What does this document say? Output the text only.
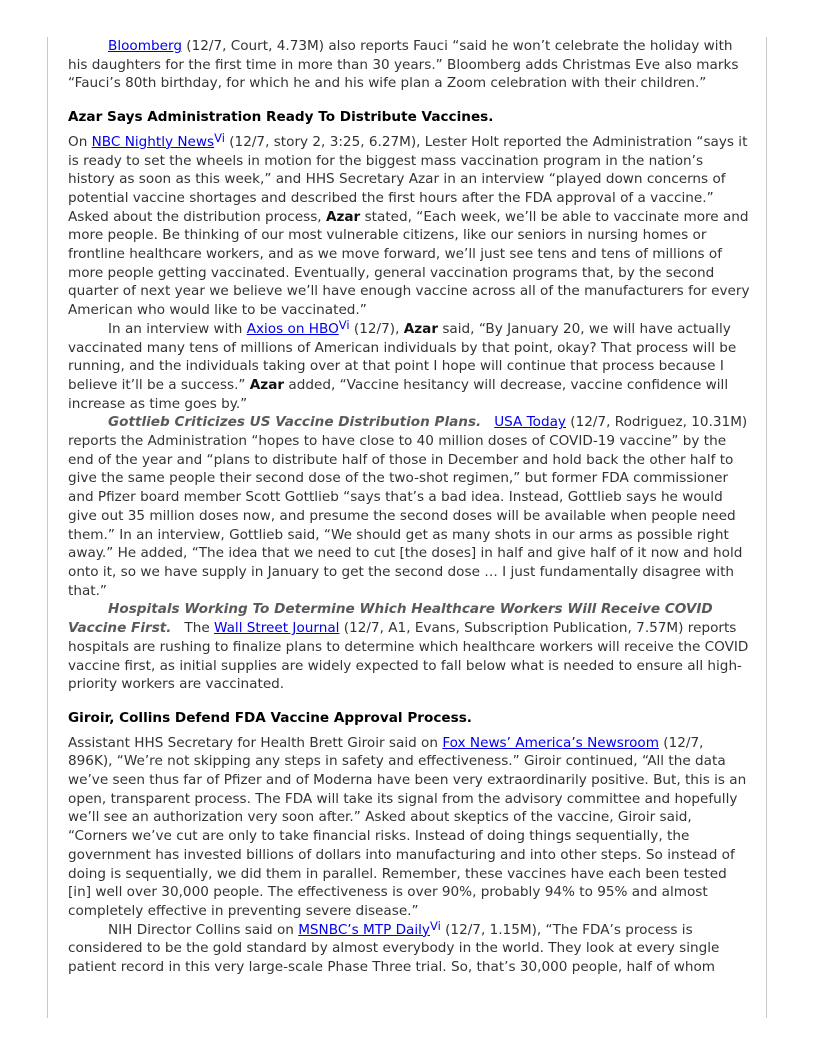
Bloomberg (12/7, Court, 4.73M) also reports Fauci “said he won’t celebrate the holiday with his daughters for the first time in more than 30 years.” Bloomberg adds Christmas Eve also marks “Fauci’s 80th birthday, for which he and his wife plan a Zoom celebration with their children.”

Azar Says Administration Ready To Distribute Vaccines.

On NBC Nightly News$^{Vi}$ (12/7, story 2, 3:25, 6.27M), Lester Holt reported the Administration “says it is ready to set the wheels in motion for the biggest mass vaccination program in the nation’s history as soon as this week,” and HHS Secretary Azar in an interview “played down concerns of potential vaccine shortages and described the first hours after the FDA approval of a vaccine.” Asked about the distribution process, Azar stated, “Each week, we’ll be able to vaccinate more and more people. Be thinking of our most vulnerable citizens, like our seniors in nursing homes or frontline healthcare workers, and as we move forward, we’ll just see tens and tens of millions of more people getting vaccinated. Eventually, general vaccination programs that, by the second quarter of next year we believe we’ll have enough vaccine across all of the manufacturers for every American who would like to be vaccinated.”

In an interview with Axios on $HBO^{Vi}$ (12/7), Azar said, “By January 20, we will have actually vaccinated many tens of millions of American individuals by that point, okay? That process will be running, and the individuals taking over at that point I hope will continue that process because I believe it’ll be a success.” Azar added, “Vaccine hesitancy will decrease, vaccine confidence will increase as time goes by.”

Gottlieb Criticizes US Vaccine Distribution Plans. USA Today (12/7, Rodriguez, 10.31M) reports the Administration “hopes to have close to 40 million doses of COVID-19 vaccine” by the end of the year and “plans to distribute half of those in December and hold back the other half to give the same people their second dose of the two-shot regimen,” but former FDA commissioner and Pfizer board member Scott Gottlieb “says that’s a bad idea. Instead, Gottlieb says he would give out 35 million doses now, and presume the second doses will be available when people need them.” In an interview, Gottlieb said, “We should get as many shots in our arms as possible right away.” He added, “The idea that we need to cut [the doses] in half and give half of it now and hold onto it, so we have supply in January to get the second dose … I just fundamentally disagree with that.”

Hospitals Working To Determine Which Healthcare Workers Will Receive COVID Vaccine First.   The Wall Street Journal (12/7, A1, Evans, Subscription Publication, 7.57M) reports hospitals are rushing to finalize plans to determine which healthcare workers will receive the COVID vaccine first, as initial supplies are widely expected to fall below what is needed to ensure all high-priority workers are vaccinated.

Giroir, Collins Defend FDA Vaccine Approval Process.

Assistant HHS Secretary for Health Brett Giroir said on Fox News’ America’s Newsroom (12/7, 896K), “We’re not skipping any steps in safety and effectiveness.” Giroir continued, “All the data we’ve seen thus far of Pfizer and of Moderna have been very extraordinarily positive. But, this is an open, transparent process. The FDA will take its signal from the advisory committee and hopefully we’ll see an authorization very soon after.” Asked about skeptics of the vaccine, Giroir said, “Corners we’ve cut are only to take financial risks. Instead of doing things sequentially, the government has invested billions of dollars into manufacturing and into other steps. So instead of doing is sequentially, we did them in parallel. Remember, these vaccines have each been tested [in] well over 30,000 people. The effectiveness is over 90%, probably 94% to 95% and almost completely effective in preventing severe disease.”

NIH Director Collins said on MSNBC’s MTP Daily$^{Vi}$ (12/7, 1.15M), “The FDA’s process is considered to be the gold standard by almost everybody in the world. They look at every single patient record in this very large-scale Phase Three trial. So, that’s 30,000 people, half of whom
